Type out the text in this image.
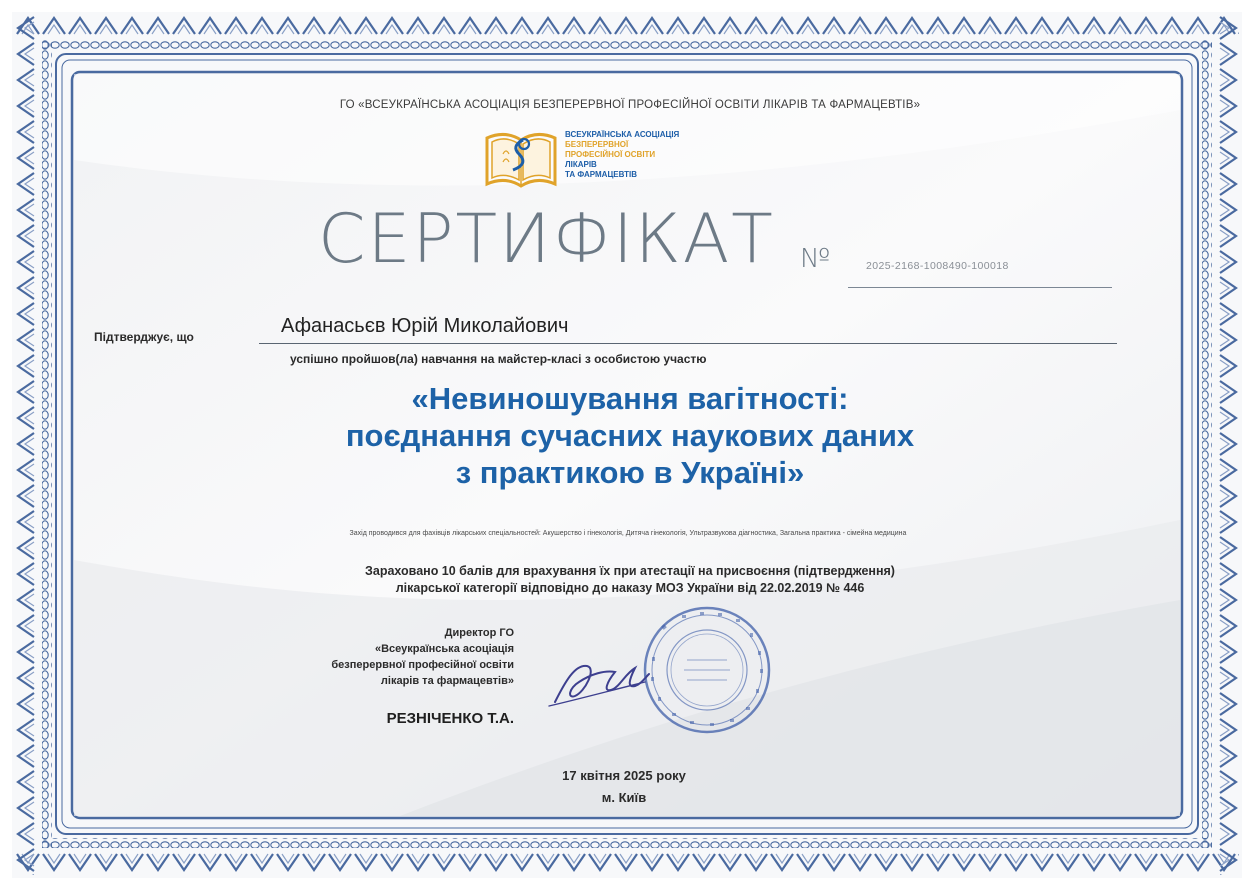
ГО «ВСЕУКРАЇНСЬКА АСОЦІАЦІЯ БЕЗПЕРЕРВНОЇ ПРОФЕСІЙНОЇ ОСВІТИ ЛІКАРІВ ТА ФАРМАЦЕВТІВ»
ВСЕУКРАЇНСЬКА АСОЦІАЦІЯ
БЕЗПЕРЕРВНОЇ
ПРОФЕСІЙНОЇ ОСВІТИ
ЛІКАРІВ
ТА ФАРМАЦЕВТІВ
СЕРТИФІКАТ №	2025-2168-1008490-100018
Підтверджує, що	Афанасьєв Юрій Миколайович
успішно пройшов(ла) навчання на майстер-класі з особистою участю
«Невиношування вагітності:
поєднання сучасних наукових даних
з практикою в Україні»
Захід проводився для фахівців лікарських спеціальностей: Акушерство і гінекологія, Дитяча гінекологія, Ультразвукова діагностика, Загальна практика - сімейна медицина
Зараховано 10 балів для врахування їх при атестації на присвоєння (підтвердження)
лікарської категорії відповідно до наказу МОЗ України від 22.02.2019 № 446
Директор ГО
«Всеукраїнська асоціація
безперервної професійної освіти
лікарів та фармацевтів»
РЕЗНІЧЕНКО Т.А.
17 квітня 2025 року
м. Київ
